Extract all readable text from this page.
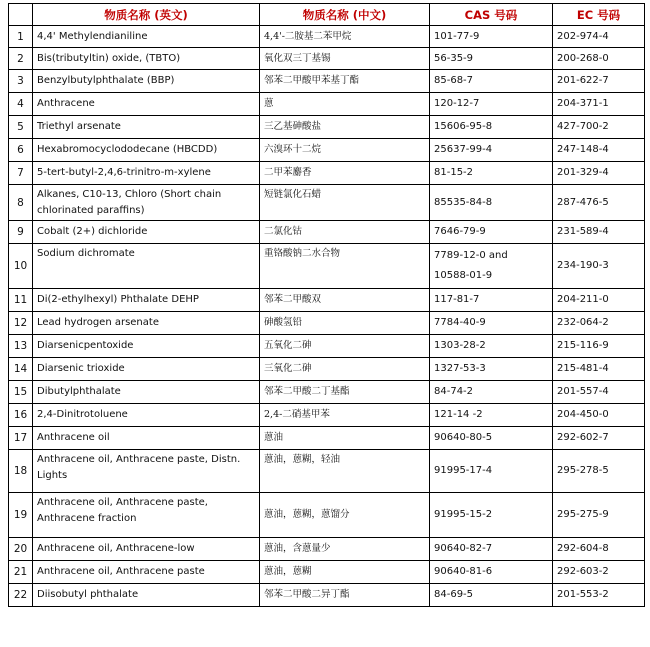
	物质名称 (英文)	物质名称 (中文)	CAS 号码	EC 号码
1	4,4' Methylendianiline	4,4'-二胺基二苯甲烷	101-77-9	202-974-4
2	Bis(tributyltin) oxide, (TBTO)	氧化双三丁基锡	56-35-9	200-268-0
3	Benzylbutylphthalate (BBP)	邻苯二甲酸甲苯基丁酯	85-68-7	201-622-7
4	Anthracene	蒽	120-12-7	204-371-1
5	Triethyl arsenate	三乙基砷酸盐	15606-95-8	427-700-2
6	Hexabromocyclododecane (HBCDD)	六溴环十二烷	25637-99-4	247-148-4
7	5-tert-butyl-2,4,6-trinitro-m-xylene	二甲苯麝香	81-15-2	201-329-4
8	Alkanes, C10-13, Chloro (Short chain
chlorinated paraffins)	短链氯化石蜡	85535-84-8	287-476-5
9	Cobalt (2+) dichloride	二氯化钴	7646-79-9	231-589-4
10	Sodium dichromate	重铬酸钠二水合物	7789-12-0 and
10588-01-9	234-190-3
11	Di(2-ethylhexyl) Phthalate DEHP	邻苯二甲酸双	117-81-7	204-211-0
12	Lead hydrogen arsenate	砷酸氢铅	7784-40-9	232-064-2
13	Diarsenicpentoxide	五氧化二砷	1303-28-2	215-116-9
14	Diarsenic trioxide	三氧化二砷	1327-53-3	215-481-4
15	Dibutylphthalate	邻苯二甲酸二丁基酯	84-74-2	201-557-4
16	2,4-Dinitrotoluene	2,4-二硝基甲苯	121-14 -2	204-450-0
17	Anthracene oil	蒽油	90640-80-5	292-602-7
18	Anthracene oil, Anthracene paste, Distn.
Lights	蒽油，蒽糊，轻油	91995-17-4	295-278-5
19	Anthracene oil, Anthracene paste,
Anthracene fraction	蒽油，蒽糊，蒽馏分	91995-15-2	295-275-9
20	Anthracene oil, Anthracene-low	蒽油，含蒽量少	90640-82-7	292-604-8
21	Anthracene oil, Anthracene paste	蒽油，蒽糊	90640-81-6	292-603-2
22	Diisobutyl phthalate	邻苯二甲酸二异丁酯	84-69-5	201-553-2
